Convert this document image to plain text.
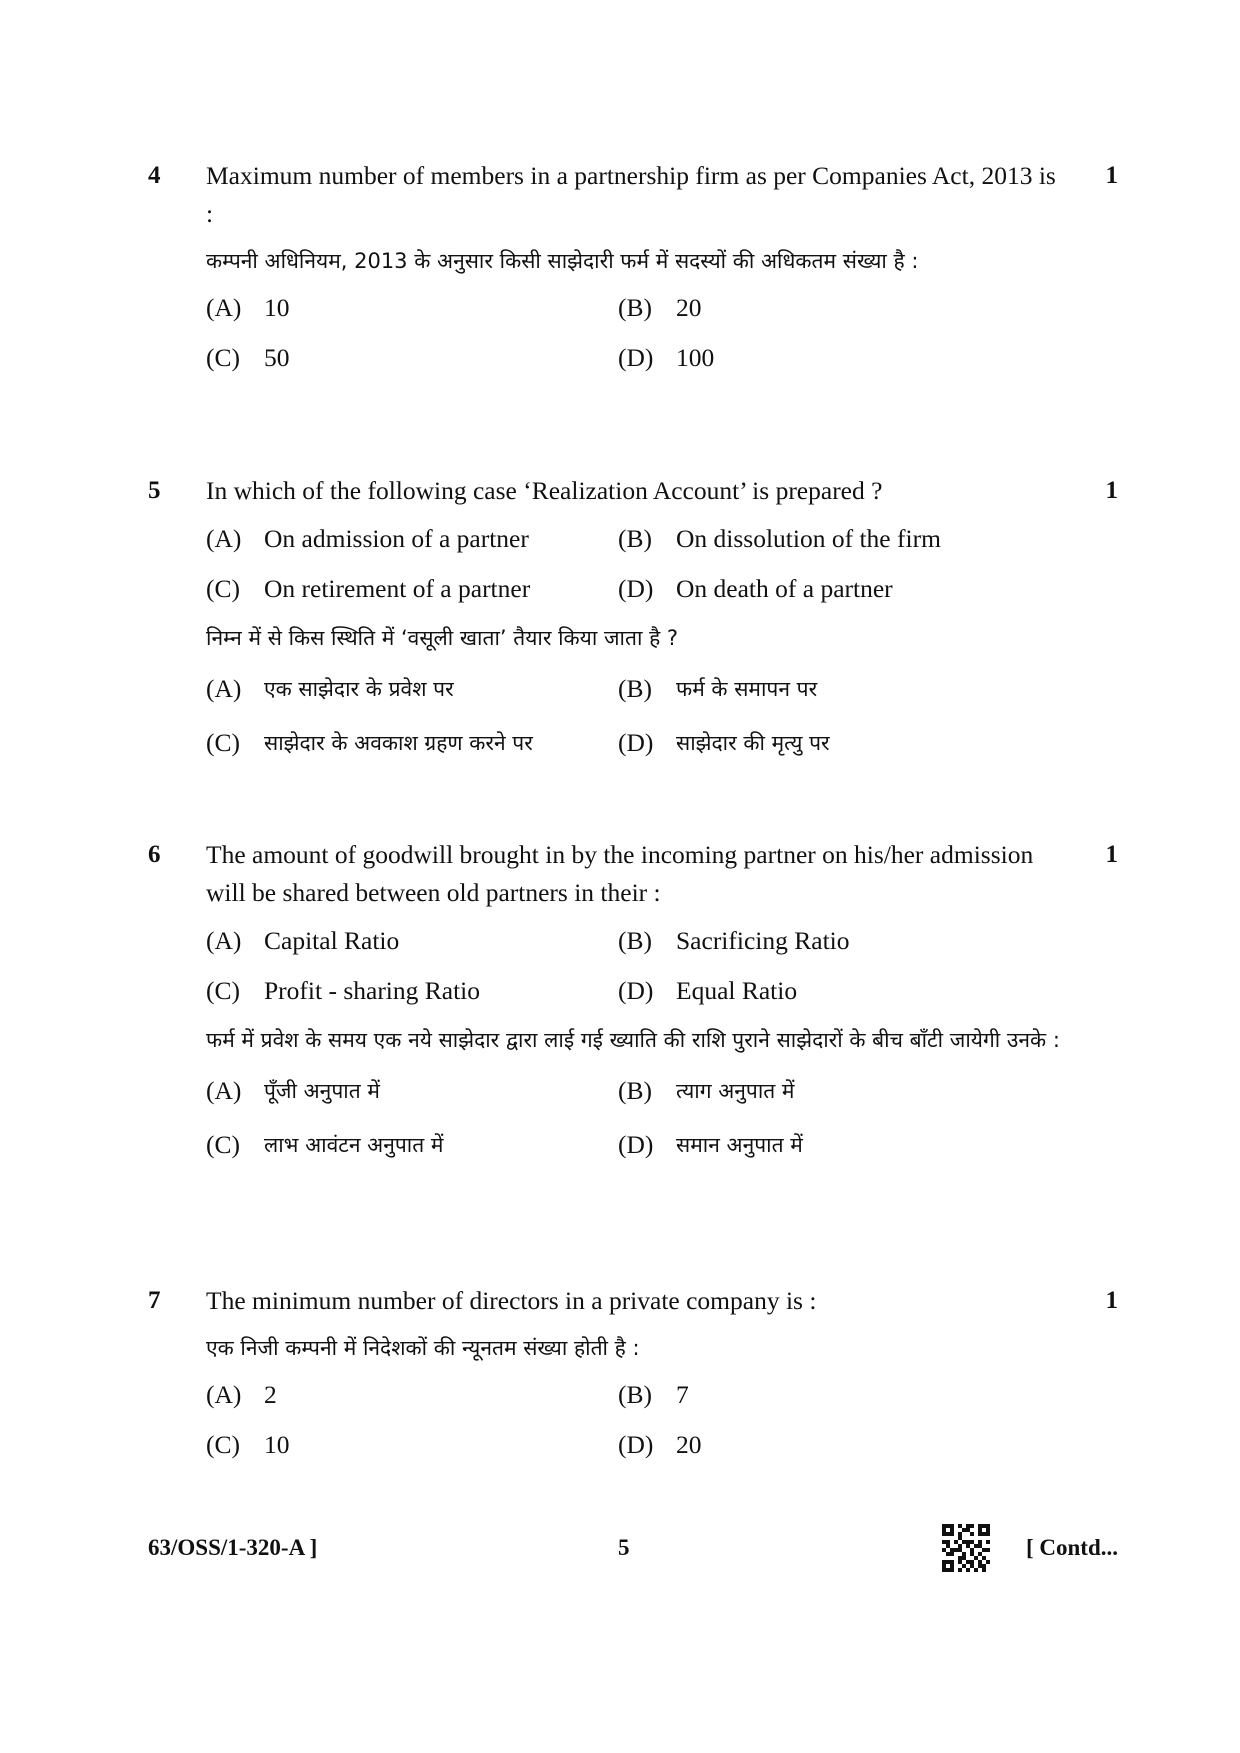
4	1
Maximum number of members in a partnership firm as per Companies Act, 2013 is :
कम्पनी अधिनियम, 2013 के अनुसार किसी साझेदारी फर्म में सदस्यों की अधिकतम संख्या है :
(A) 10	(B) 20
(C) 50	(D) 100
5	1
In which of the following case ‘Realization Account’ is prepared ?
(A) On admission of a partner	(B) On dissolution of the firm
(C) On retirement of a partner	(D) On death of a partner
निम्न में से किस स्थिति में ‘वसूली खाता’ तैयार किया जाता है ?
(A)	एक साझेदार के प्रवेश पर	(B)	फर्म के समापन पर
(C)	साझेदार के अवकाश ग्रहण करने पर	(D)	साझेदार की मृत्यु पर
6	1
The amount of goodwill brought in by the incoming partner on his/her admission will be shared between old partners in their :
(A) Capital Ratio	(B) Sacrificing Ratio
(C) Profit - sharing Ratio	(D) Equal Ratio
फर्म में प्रवेश के समय एक नये साझेदार द्वारा लाई गई ख्याति की राशि पुराने साझेदारों के बीच बाँटी जायेगी उनके :
(A)	पूँजी अनुपात में	(B)	त्याग अनुपात में
(C)	लाभ आवंटन अनुपात में	(D)	समान अनुपात में
7	1
The minimum number of directors in a private company is :
एक निजी कम्पनी में निदेशकों की न्यूनतम संख्या होती है :
(A) 2	(B) 7
(C) 10	(D) 20
63/OSS/1-320-A ]	5	[ Contd...
